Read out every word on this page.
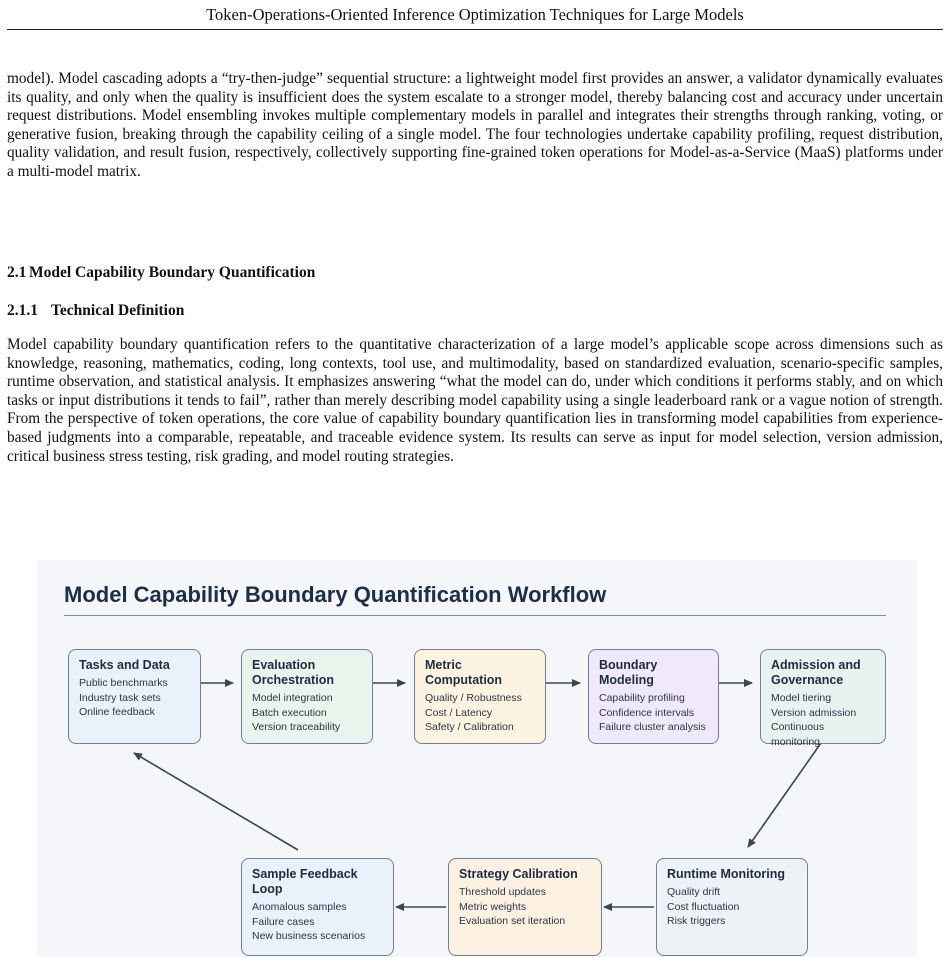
Token-Operations-Oriented Inference Optimization Techniques for Large Models

model). Model cascading adopts a “try-then-judge” sequential structure: a lightweight model first provides an answer, a validator dynamically evaluates its quality, and only when the quality is insufficient does the system escalate to a stronger model, thereby balancing cost and accuracy under uncertain request distributions. Model ensembling invokes multiple complementary models in parallel and integrates their strengths through ranking, voting, or generative fusion, breaking through the capability ceiling of a single model. The four technologies undertake capability profiling, request distribution, quality validation, and result fusion, respectively, collectively supporting fine-grained token operations for Model-as-a-Service (MaaS) platforms under a multi-model matrix.

2.1 Model Capability Boundary Quantification
2.1.1 Technical Definition

Model capability boundary quantification refers to the quantitative characterization of a large model’s applicable scope across dimensions such as knowledge, reasoning, mathematics, coding, long contexts, tool use, and multimodality, based on standardized evaluation, scenario-specific samples, runtime observation, and statistical analysis. It emphasizes answering “what the model can do, under which conditions it performs stably, and on which tasks or input distributions it tends to fail”, rather than merely describing model capability using a single leaderboard rank or a vague notion of strength. From the perspective of token operations, the core value of capability boundary quantification lies in transforming model capabilities from experience-based judgments into a comparable, repeatable, and traceable evidence system. Its results can serve as input for model selection, version admission, critical business stress testing, risk grading, and model routing strategies.

Model Capability Boundary Quantification Workflow
Tasks and Data
Public benchmarks
Industry task sets
Online feedback
Evaluation Orchestration
Model integration
Batch execution
Version traceability
Metric Computation
Quality / Robustness
Cost / Latency
Safety / Calibration
Boundary Modeling
Capability profiling
Confidence intervals
Failure cluster analysis
Admission and Governance
Model tiering
Version admission
Continuous monitoring
Runtime Monitoring
Quality drift
Cost fluctuation
Risk triggers
Strategy Calibration
Threshold updates
Metric weights
Evaluation set iteration
Sample Feedback Loop
Anomalous samples
Failure cases
New business scenarios
